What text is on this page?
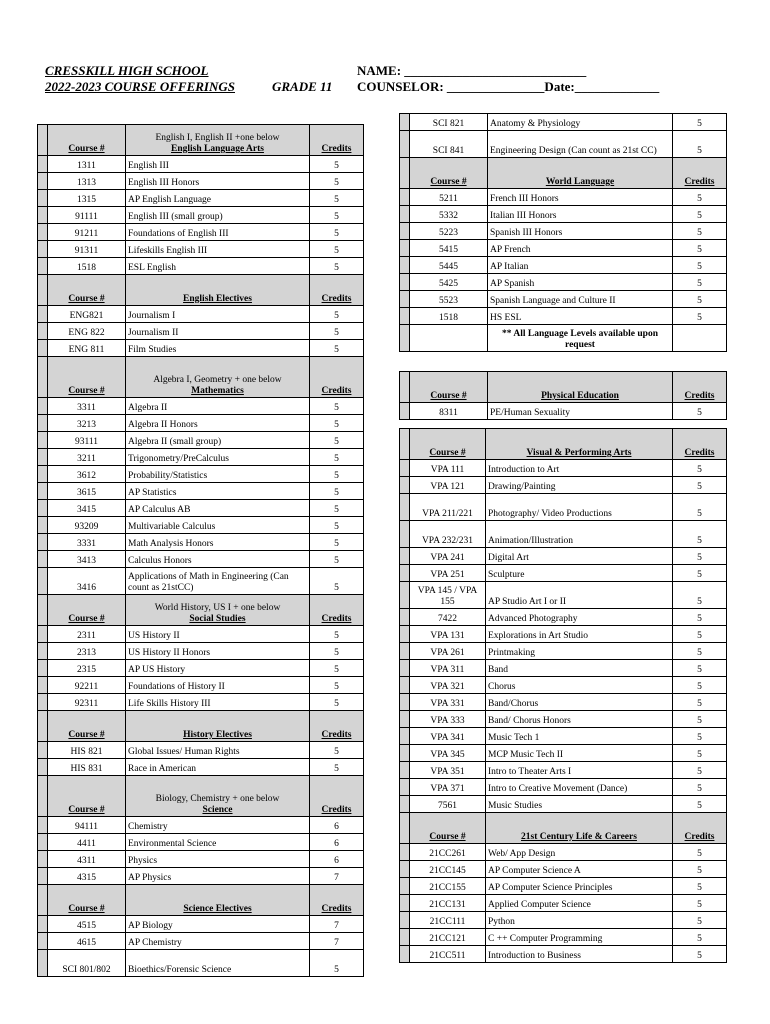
CRESSKILL HIGH SCHOOL
2022-2023 COURSE OFFERINGS	GRADE 11
NAME: ____________________________
COUNSELOR: _______________Date:_____________
	Course #	English I, English II +one below
English Language Arts	Credits
	1311	English III	5
	1313	English III Honors	5
	1315	AP English Language	5
	91111	English III (small group)	5
	91211	Foundations of English III	5
	91311	Lifeskills English III	5
	1518	ESL English	5
	Course #	English Electives	Credits
	ENG821	Journalism I	5
	ENG 822	Journalism II	5
	ENG 811	Film Studies	5
	Course #	Algebra I, Geometry + one below
Mathematics	Credits
	3311	Algebra II	5
	3213	Algebra II Honors	5
	93111	Algebra II (small group)	5
	3211	Trigonometry/PreCalculus	5
	3612	Probability/Statistics	5
	3615	AP Statistics	5
	3415	AP Calculus AB	5
	93209	Multivariable Calculus	5
	3331	Math Analysis Honors	5
	3413	Calculus Honors	5
	3416	Applications of Math in Engineering (Can count as 21stCC)	5
	Course #	World History, US I + one below
Social Studies	Credits
	2311	US History II	5
	2313	US History II Honors	5
	2315	AP US History	5
	92211	Foundations of History II	5
	92311	Life Skills History III	5
	Course #	History Electives	Credits
	HIS 821	Global Issues/ Human Rights	5
	HIS 831	Race in American	5
	Course #	Biology, Chemistry + one below
Science	Credits
	94111	Chemistry	6
	4411	Environmental Science	6
	4311	Physics	6
	4315	AP Physics	7
	Course #	Science Electives	Credits
	4515	AP Biology	7
	4615	AP Chemistry	7
	SCI 801/802	Bioethics/Forensic Science	5
	SCI 821	Anatomy & Physiology	5
	SCI 841	Engineering Design (Can count as 21st CC)	5
	Course #	World Language	Credits
	5211	French III Honors	5
	5332	Italian III Honors	5
	5223	Spanish III Honors	5
	5415	AP French	5
	5445	AP Italian	5
	5425	AP Spanish	5
	5523	Spanish Language and Culture II	5
	1518	HS ESL	5
		** All Language Levels available upon request	
	Course #	Physical Education	Credits
	8311	PE/Human Sexuality	5
	Course #	Visual & Performing Arts	Credits
	VPA 111	Introduction to Art	5
	VPA 121	Drawing/Painting	5
	VPA 211/221	Photography/ Video Productions	5
	VPA 232/231	Animation/Illustration	5
	VPA 241	Digital Art	5
	VPA 251	Sculpture	5
	VPA 145 / VPA 155	AP Studio Art I or II	5
	7422	Advanced Photography	5
	VPA 131	Explorations in Art Studio	5
	VPA 261	Printmaking	5
	VPA 311	Band	5
	VPA 321	Chorus	5
	VPA 331	Band/Chorus	5
	VPA 333	Band/ Chorus Honors	5
	VPA 341	Music Tech 1	5
	VPA 345	MCP Music Tech II	5
	VPA 351	Intro to Theater Arts I	5
	VPA 371	Intro to Creative Movement (Dance)	5
	7561	Music Studies	5
	Course #	21st Century Life & Careers	Credits
	21CC261	Web/ App Design	5
	21CC145	AP Computer Science A	5
	21CC155	AP Computer Science Principles	5
	21CC131	Applied Computer Science	5
	21CC111	Python	5
	21CC121	C ++ Computer Programming	5
	21CC511	Introduction to Business	5
